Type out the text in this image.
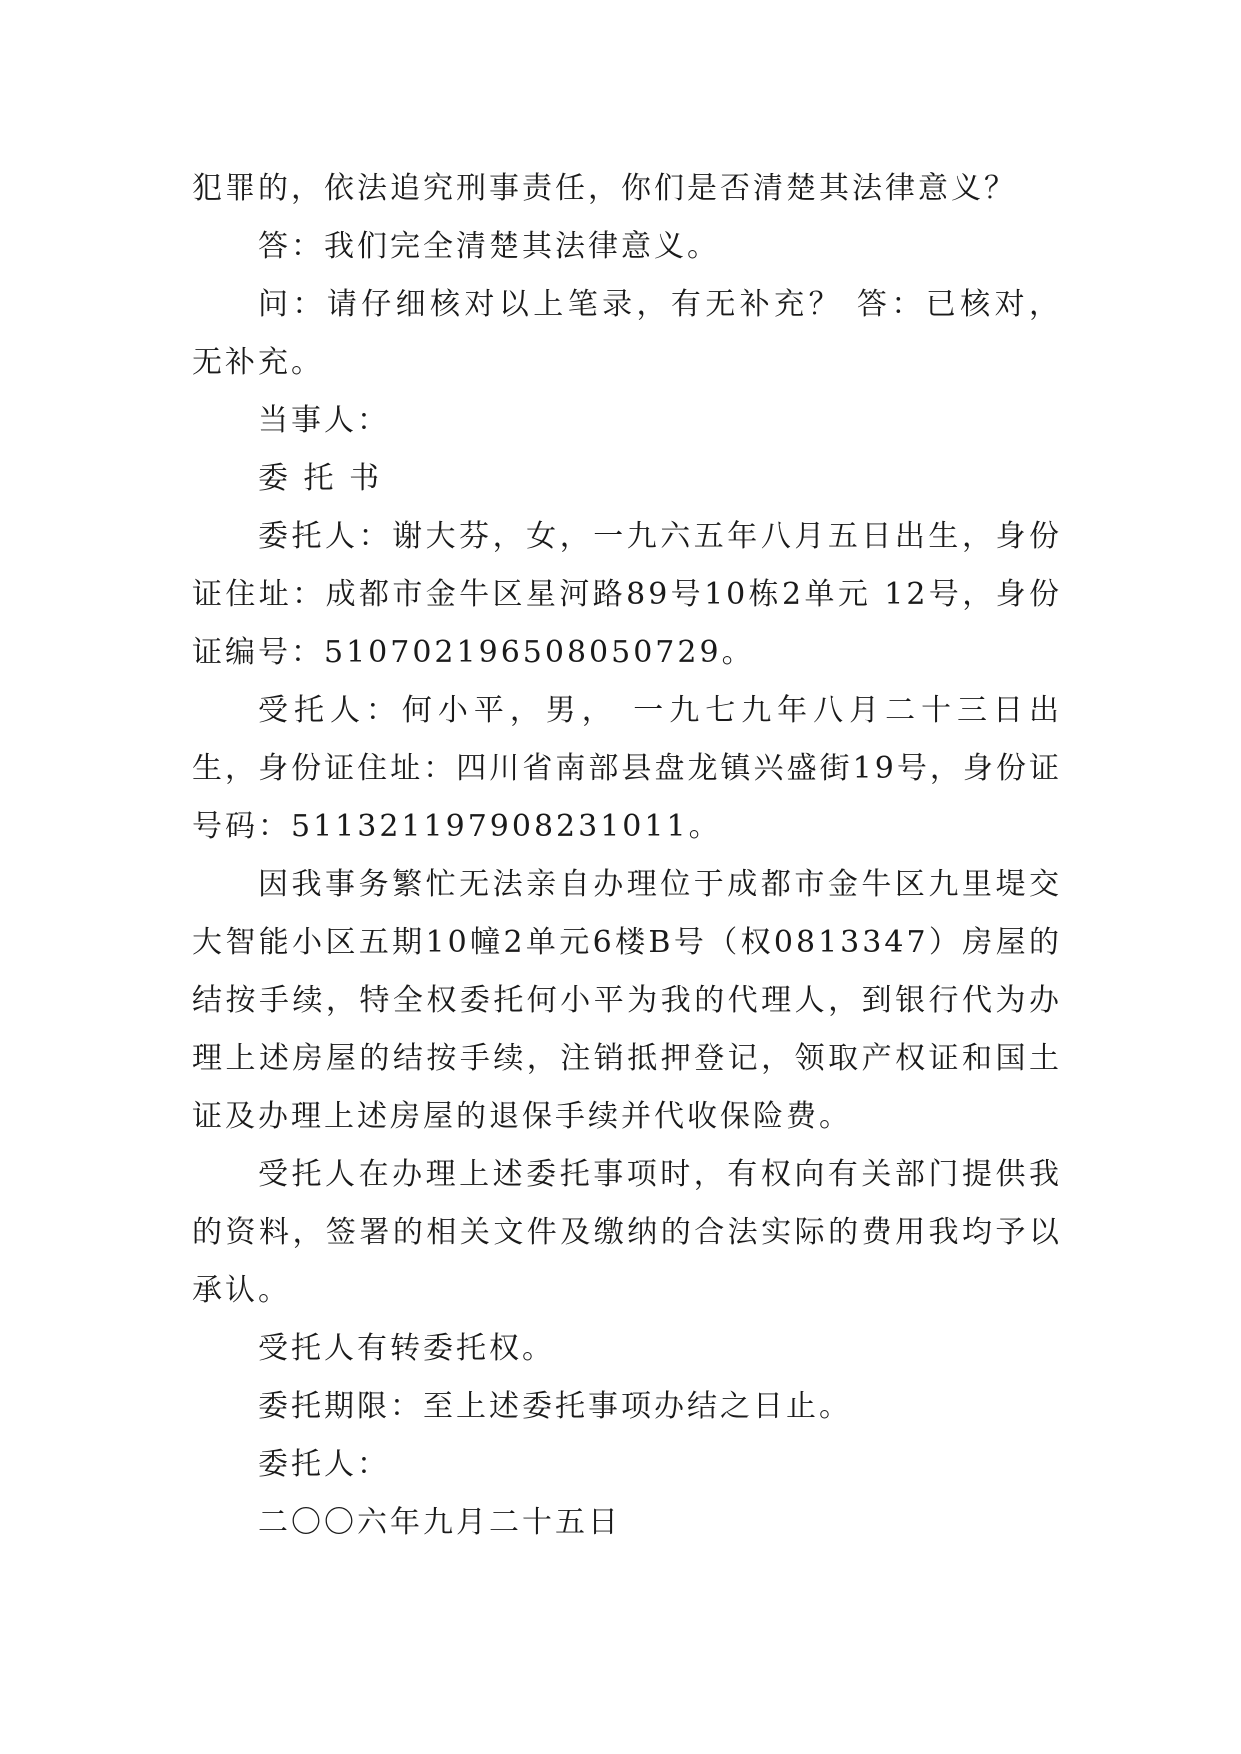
犯罪的，依法追究刑事责任，你们是否清楚其法律意义？

答：我们完全清楚其法律意义。

问：请仔细核对以上笔录，有无补充？ 答：已核对，无补充。

当事人：

委 托 书

委托人：谢大芬，女，一九六五年八月五日出生，身份证住址：成都市金牛区星河路89号10栋2单元 12号，身份证编号：510702196508050729。

受托人：何小平，男， 一九七九年八月二十三日出生，身份证住址：四川省南部县盘龙镇兴盛街19号，身份证号码：511321197908231011。

因我事务繁忙无法亲自办理位于成都市金牛区九里堤交大智能小区五期10幢2单元6楼B号（权0813347）房屋的结按手续，特全权委托何小平为我的代理人，到银行代为办理上述房屋的结按手续，注销抵押登记，领取产权证和国土证及办理上述房屋的退保手续并代收保险费。

受托人在办理上述委托事项时，有权向有关部门提供我的资料，签署的相关文件及缴纳的合法实际的费用我均予以承认。

受托人有转委托权。

委托期限：至上述委托事项办结之日止。

委托人：

二〇〇六年九月二十五日
